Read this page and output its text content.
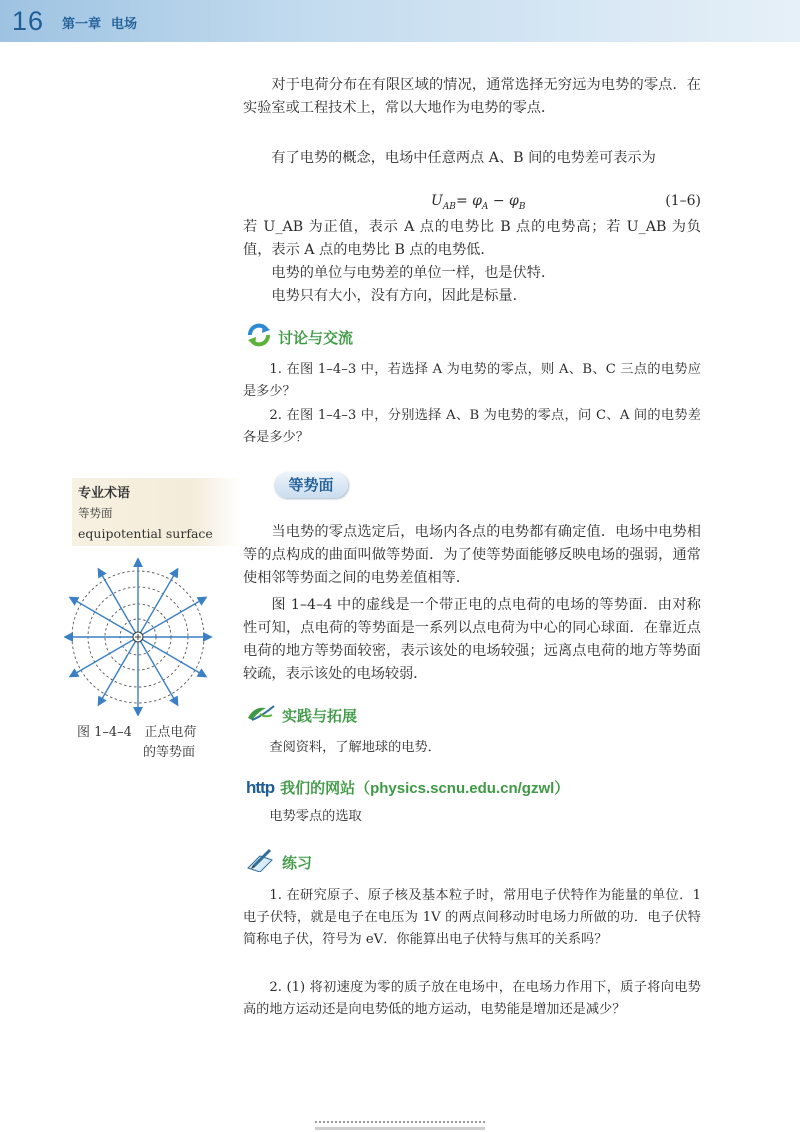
16 第一章 电场

对于电荷分布在有限区域的情况，通常选择无穷远为电势的零点．在实验室或工程技术上，常以大地作为电势的零点．

有了电势的概念，电场中任意两点 A、B 间的电势差可表示为

$U_{AB}= \varphi_A - \varphi_B$	(1–6)

若 U_AB 为正值，表示 A 点的电势比 B 点的电势高；若 U_AB 为负值，表示 A 点的电势比 B 点的电势低．

电势的单位与电势差的单位一样，也是伏特．

电势只有大小，没有方向，因此是标量．

讨论与交流

1. 在图 1–4–3 中，若选择 A 为电势的零点，则 A、B、C 三点的电势应是多少？

2. 在图 1–4–3 中，分别选择 A、B 为电势的零点，问 C、A 间的电势差各是多少？

专业术语
等势面
equipotential surface
等势面

当电势的零点选定后，电场内各点的电势都有确定值．电场中电势相等的点构成的曲面叫做等势面．为了使等势面能够反映电场的强弱，通常使相邻等势面之间的电势差值相等．

图 1–4–4 中的虚线是一个带正电的点电荷的电场的等势面．由对称性可知，点电荷的等势面是一系列以点电荷为中心的同心球面．在靠近点电荷的地方等势面较密，表示该处的电场较强；远离点电荷的地方等势面较疏，表示该处的电场较弱．

图 1–4–4 正点电荷
的等势面
实践与拓展

查阅资料，了解地球的电势．

http 我们的网站（physics.scnu.edu.cn/gzwl）

电势零点的选取

练习

1. 在研究原子、原子核及基本粒子时，常用电子伏特作为能量的单位．1 电子伏特，就是电子在电压为 1V 的两点间移动时电场力所做的功．电子伏特简称电子伏，符号为 eV．你能算出电子伏特与焦耳的关系吗？

2. (1) 将初速度为零的质子放在电场中，在电场力作用下，质子将向电势高的地方运动还是向电势低的地方运动，电势能是增加还是减少？
